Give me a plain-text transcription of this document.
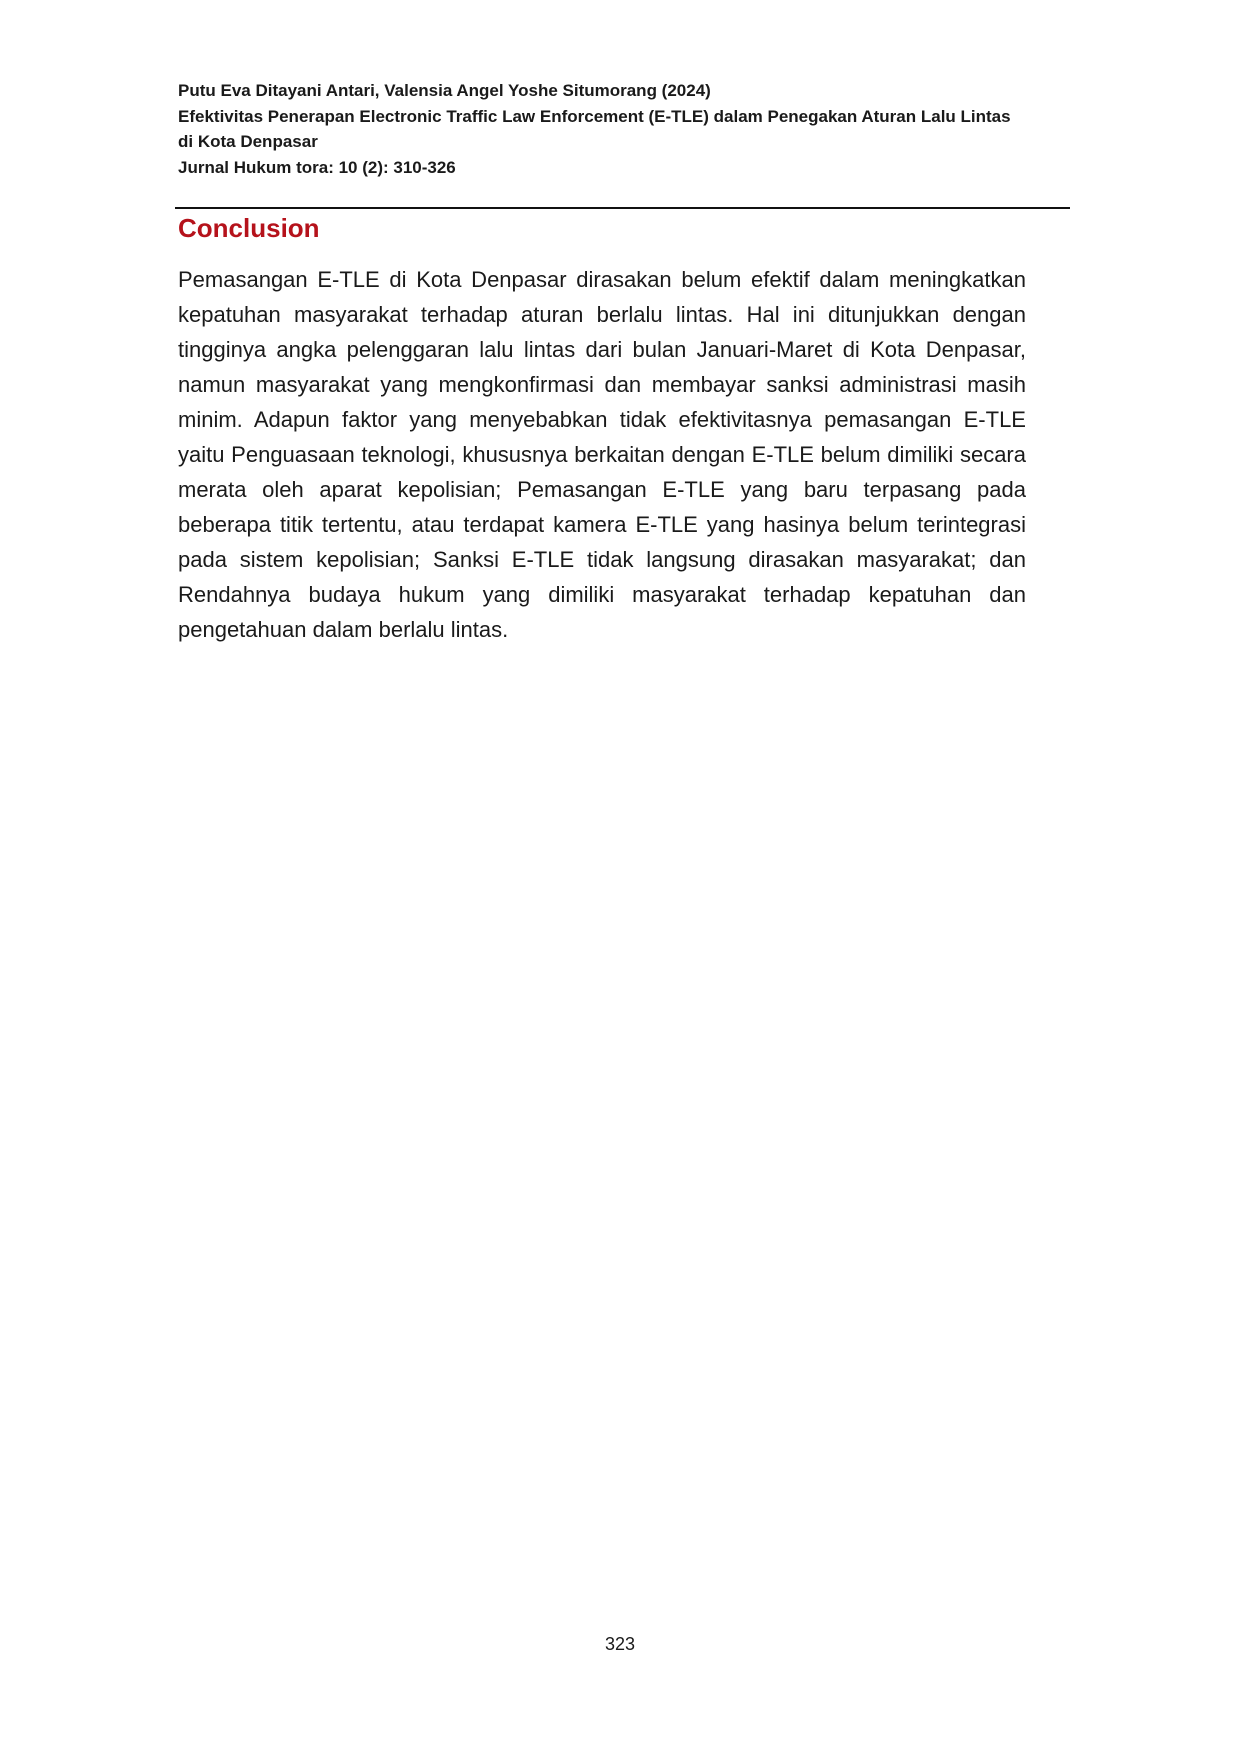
Putu Eva Ditayani Antari, Valensia Angel Yoshe Situmorang (2024)
Efektivitas Penerapan Electronic Traffic Law Enforcement (E-TLE) dalam Penegakan Aturan Lalu Lintas
di Kota Denpasar
Jurnal Hukum tora: 10 (2): 310-326
Conclusion

Pemasangan E-TLE di Kota Denpasar dirasakan belum efektif dalam meningkatkan kepatuhan masyarakat terhadap aturan berlalu lintas. Hal ini ditunjukkan dengan tingginya angka pelenggaran lalu lintas dari bulan Januari-Maret di Kota Denpasar, namun masyarakat yang mengkonfirmasi dan membayar sanksi administrasi masih minim. Adapun faktor yang menyebabkan tidak efektivitasnya pemasangan E-TLE yaitu Penguasaan teknologi, khususnya berkaitan dengan E-TLE belum dimiliki secara merata oleh aparat kepolisian; Pemasangan E-TLE yang baru terpasang pada beberapa titik tertentu, atau terdapat kamera E-TLE yang hasinya belum terintegrasi pada sistem kepolisian; Sanksi E-TLE tidak langsung dirasakan masyarakat; dan Rendahnya budaya hukum yang dimiliki masyarakat terhadap kepatuhan dan pengetahuan dalam berlalu lintas.

323
